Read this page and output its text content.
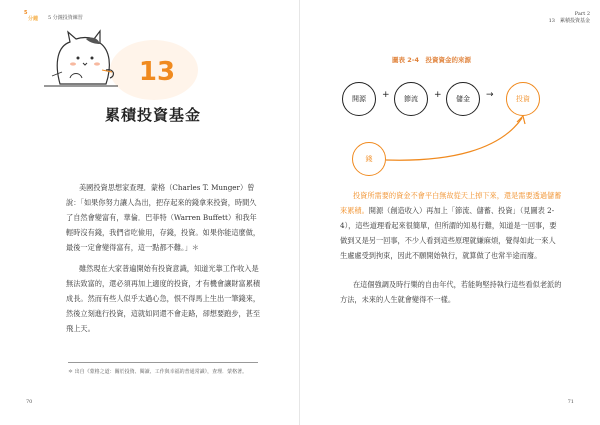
5
分鐘 5 分鐘投資練習
13
累積投資基金

美國投資思想家查理．蒙格（Charles T. Munger）曾說：「如果你努力讓人為出，把存起來的錢拿來投資，時間久了自然會變富有，華倫．巴菲特（Warren Buffett）和我年輕時沒有錢，我們省吃儉用，存錢，投資。如果你能這麼做，最後一定會變得富有，這一點都不難。」＊

雖然現在大家普遍開始有投資意識，知道光靠工作收入是無法致富的，還必須再加上適度的投資，才有機會讓財富累積成長。然而有些人似乎太過心急，恨不得馬上生出一筆錢來，然後立刻進行投資，這就如同還不會走路，卻想要跑步，甚至飛上天。

＊ 出自《蒙格之道：關於投資、閱讀、工作與幸福的普通常識》，查理．蒙格著。
70
Part 2
13　累積投資基金
圖表 2-4　投資資金的來源
開源	+	節流	+	儲金	→	投資
錢

投資所需要的資金不會平白無故從天上掉下來，還是需要透過儲蓄來累積。開源（創造收入）再加上「節流、儲蓄、投資」（見圖表 2-4），這些道理看起來很簡單，但所謂的知易行難，知道是一回事，要做到又是另一回事，不少人看到這些原理就嫌麻煩，覺得如此一來人生處處受到拘束，因此不願開始執行，就算做了也常半途而廢。

在這個強調及時行樂的自由年代，若能夠堅持執行這些看似老派的方法，未來的人生就會變得不一樣。

71
